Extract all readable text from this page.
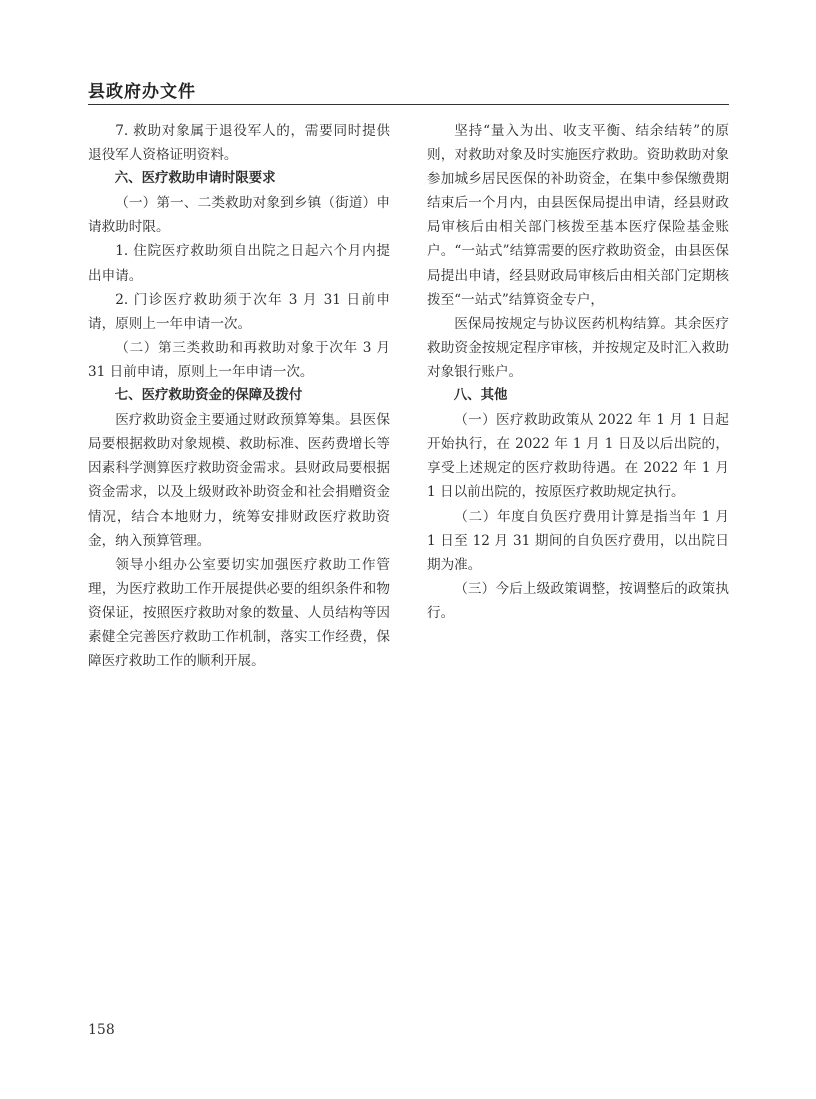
县政府办文件

7. 救助对象属于退役军人的，需要同时提供退役军人资格证明资料。

六、医疗救助申请时限要求

（一）第一、二类救助对象到乡镇（街道）申请救助时限。

1. 住院医疗救助须自出院之日起六个月内提出申请。

2. 门诊医疗救助须于次年 3 月 31 日前申请，原则上一年申请一次。

（二）第三类救助和再救助对象于次年 3 月 31 日前申请，原则上一年申请一次。

七、医疗救助资金的保障及拨付

医疗救助资金主要通过财政预算筹集。县医保局要根据救助对象规模、救助标准、医药费增长等因素科学测算医疗救助资金需求。县财政局要根据资金需求，以及上级财政补助资金和社会捐赠资金情况，结合本地财力，统筹安排财政医疗救助资金，纳入预算管理。

领导小组办公室要切实加强医疗救助工作管理，为医疗救助工作开展提供必要的组织条件和物资保证，按照医疗救助对象的数量、人员结构等因素健全完善医疗救助工作机制，落实工作经费，保障医疗救助工作的顺利开展。

坚持“量入为出、收支平衡、结余结转”的原则，对救助对象及时实施医疗救助。资助救助对象参加城乡居民医保的补助资金，在集中参保缴费期结束后一个月内，由县医保局提出申请，经县财政局审核后由相关部门核拨至基本医疗保险基金账户。“一站式”结算需要的医疗救助资金，由县医保局提出申请，经县财政局审核后由相关部门定期核拨至“一站式”结算资金专户，

医保局按规定与协议医药机构结算。其余医疗救助资金按规定程序审核，并按规定及时汇入救助对象银行账户。

八、其他

（一）医疗救助政策从 2022 年 1 月 1 日起开始执行，在 2022 年 1 月 1 日及以后出院的，享受上述规定的医疗救助待遇。在 2022 年 1 月 1 日以前出院的，按原医疗救助规定执行。

（二）年度自负医疗费用计算是指当年 1 月 1 日至 12 月 31 期间的自负医疗费用，以出院日期为准。

（三）今后上级政策调整，按调整后的政策执行。

158
